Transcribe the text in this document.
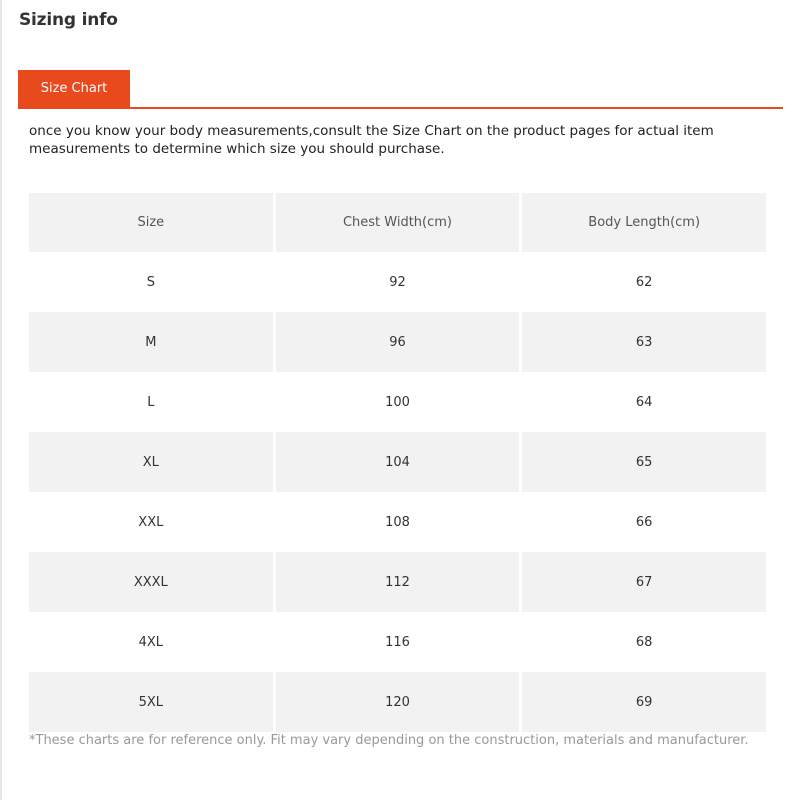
Sizing info
Size Chart

once you know your body measurements,consult the Size Chart on the product pages for actual item measurements to determine which size you should purchase.

Size	Chest Width(cm)	Body Length(cm)
S	92	62
M	96	63
L	100	64
XL	104	65
XXL	108	66
XXXL	112	67
4XL	116	68
5XL	120	69
*These charts are for reference only. Fit may vary depending on the construction, materials and manufacturer.
